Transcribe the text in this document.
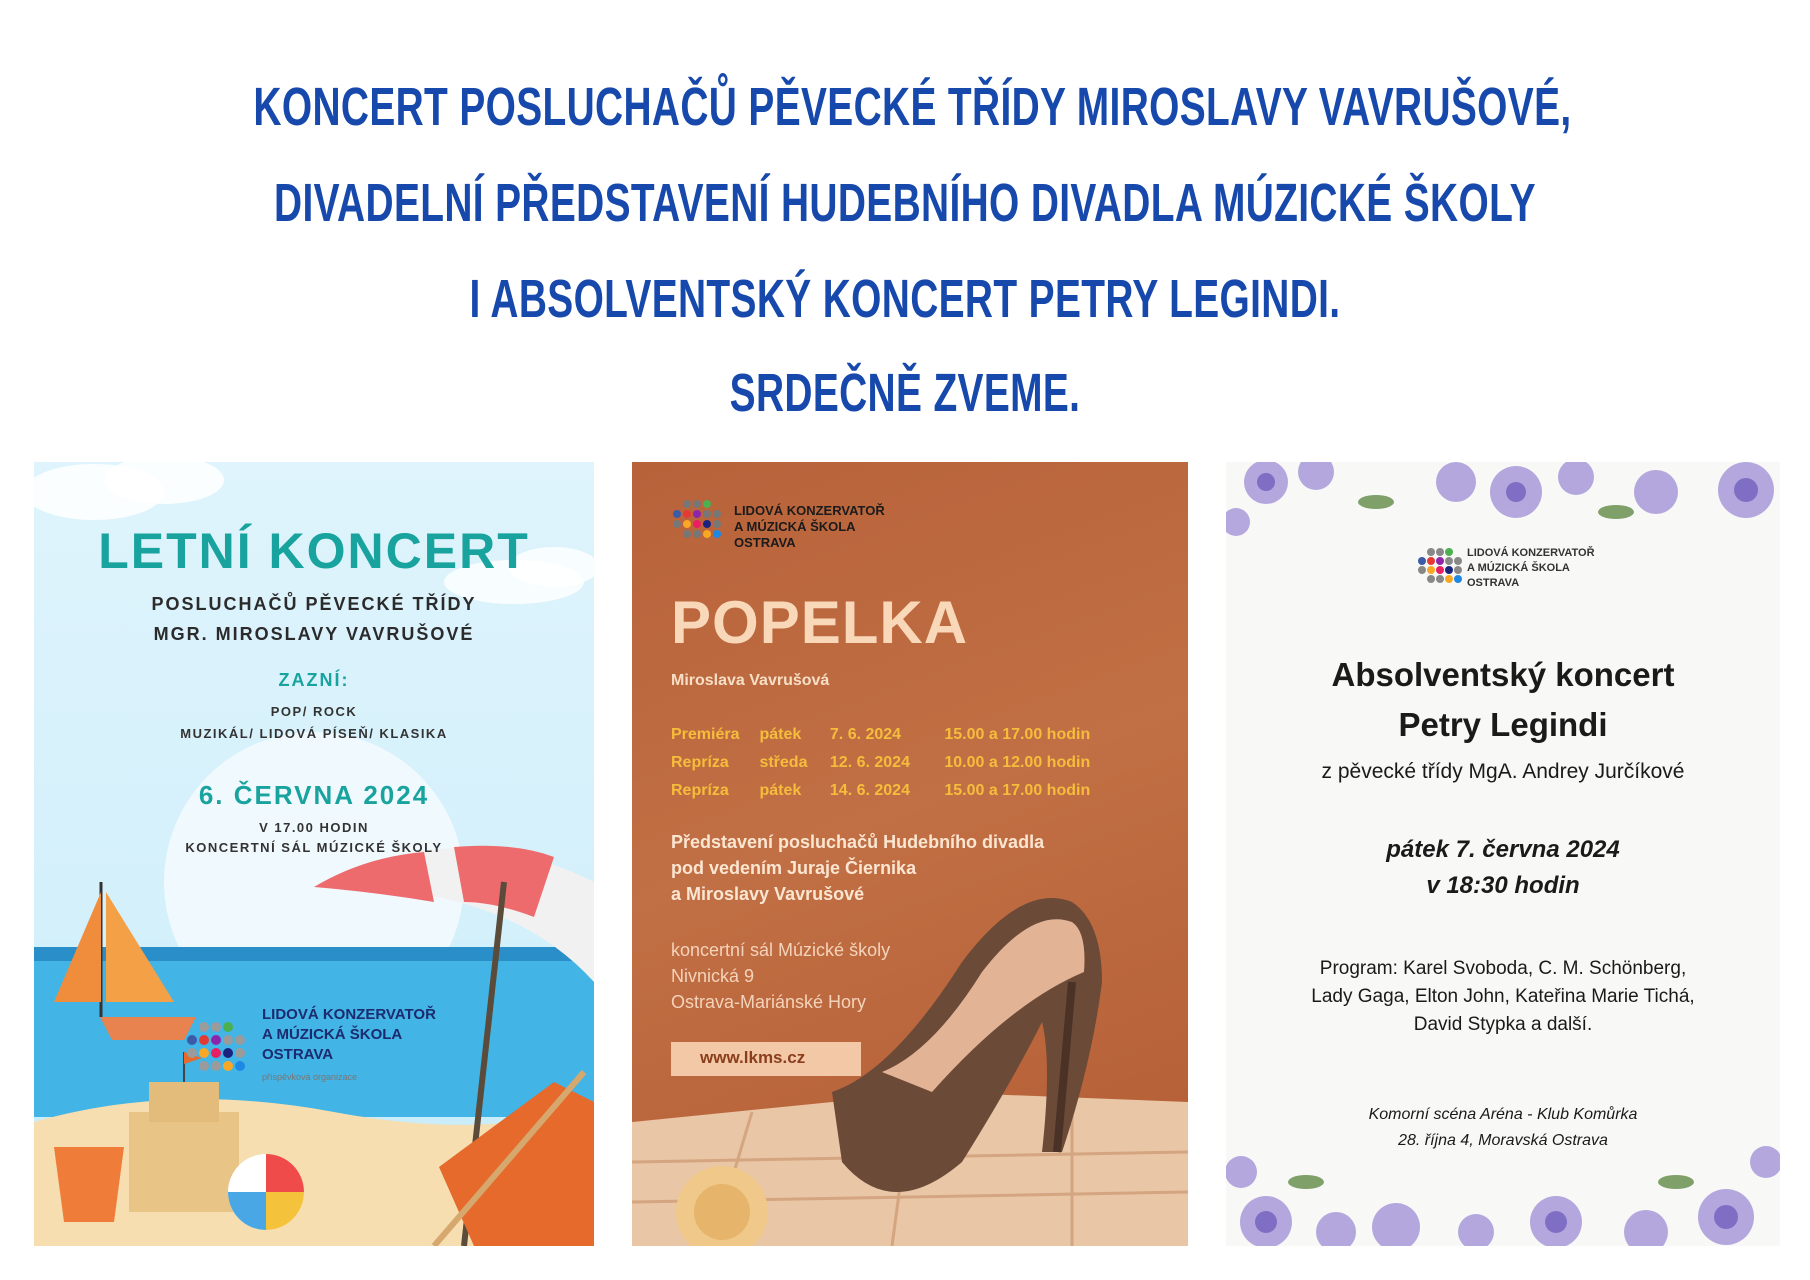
KONCERT POSLUCHAČŮ PĚVECKÉ TŘÍDY MIROSLAVY VAVRUŠOVÉ,
DIVADELNÍ PŘEDSTAVENÍ HUDEBNÍHO DIVADLA MÚZICKÉ ŠKOLY
I ABSOLVENTSKÝ KONCERT PETRY LEGINDI.
SRDEČNĚ ZVEME.
LETNÍ KONCERT
POSLUCHAČŮ PĚVECKÉ TŘÍDY
MGR. MIROSLAVY VAVRUŠOVÉ
ZAZNÍ:
POP/ ROCK
MUZIKÁL/ LIDOVÁ PÍSEŇ/ KLASIKA
6. ČERVNA 2024
V 17.00 HODIN
KONCERTNÍ SÁL MÚZICKÉ ŠKOLY
LIDOVÁ KONZERVATOŘ
A MÚZICKÁ ŠKOLA
OSTRAVA
příspěvková organizace
LIDOVÁ KONZERVATOŘ
A MÚZICKÁ ŠKOLA
OSTRAVA
POPELKA
Miroslava Vavrušová
Premiéra pátek 7. 6. 2024	15.00 a 17.00 hodin
Repríza středa 12. 6. 2024 10.00 a 12.00 hodin
Repríza pátek 14. 6. 2024 15.00 a 17.00 hodin
Představení posluchačů Hudebního divadla
pod vedením Juraje Čiernika
a Miroslavy Vavrušové
koncertní sál Múzické školy
Nivnická 9
Ostrava-Mariánské Hory
www.lkms.cz
LIDOVÁ KONZERVATOŘ
A MÚZICKÁ ŠKOLA
OSTRAVA
Absolventský koncert
Petry Legindi
z pěvecké třídy MgA. Andrey Jurčíkové
pátek 7. června 2024
v 18:30 hodin
Program: Karel Svoboda, C. M. Schönberg,
Lady Gaga, Elton John, Kateřina Marie Tichá,
David Stypka a další.
Komorní scéna Aréna - Klub Komůrka
28. října 4, Moravská Ostrava
